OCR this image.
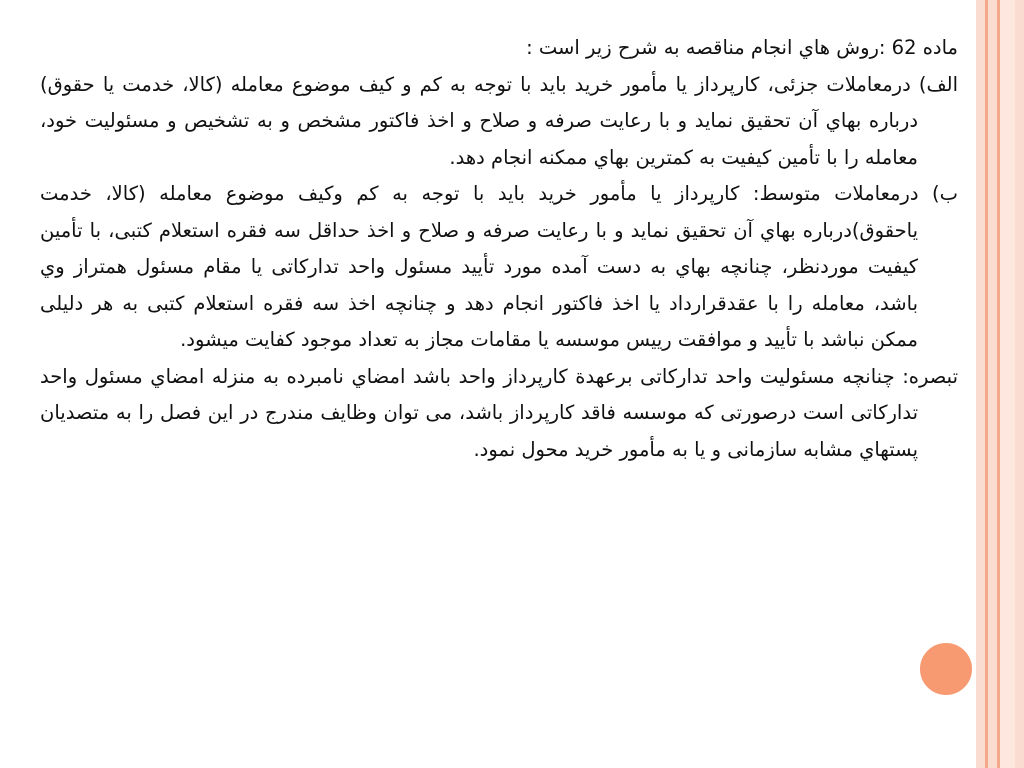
ماده 62 :روش هاي انجام مناقصه به شرح زیر است :

الف) درمعاملات جزئی، کارپرداز یا مأمور خرید باید با توجه به کم و کیف موضوع معامله (کالا، خدمت یا حقوق) درباره بهاي آن تحقیق نماید و با رعایت صرفه و صلاح و اخذ فاکتور مشخص و به تشخیص و مسئولیت خود، معامله را با تأمین کیفیت به کمترین بهاي ممکنه انجام دهد.

ب) درمعاملات متوسط: کارپرداز یا مأمور خرید باید با توجه به کم وکیف موضوع معامله (کالا، خدمت یاحقوق)درباره بهاي آن تحقیق نماید و با رعایت صرفه و صلاح و اخذ حداقل سه فقره استعلام کتبی، با تأمین کیفیت موردنظر، چنانچه بهاي به دست آمده مورد تأیید مسئول واحد تدارکاتی یا مقام مسئول همتراز وي باشد، معامله را با عقدقرارداد یا اخذ فاکتور انجام دهد و چنانچه اخذ سه فقره استعلام کتبی به هر دلیلی ممکن نباشد با تأیید و موافقت رییس موسسه یا مقامات مجاز به تعداد موجود کفایت میشود.

تبصره: چنانچه مسئولیت واحد تدارکاتی برعهدة کارپرداز واحد باشد امضاي نامبرده به منزله امضاي مسئول واحد تدارکاتی است درصورتی که موسسه فاقد کارپرداز باشد، می توان وظایف مندرج در این فصل را به متصدیان پستهاي مشابه سازمانی و یا به مأمور خرید محول نمود.
